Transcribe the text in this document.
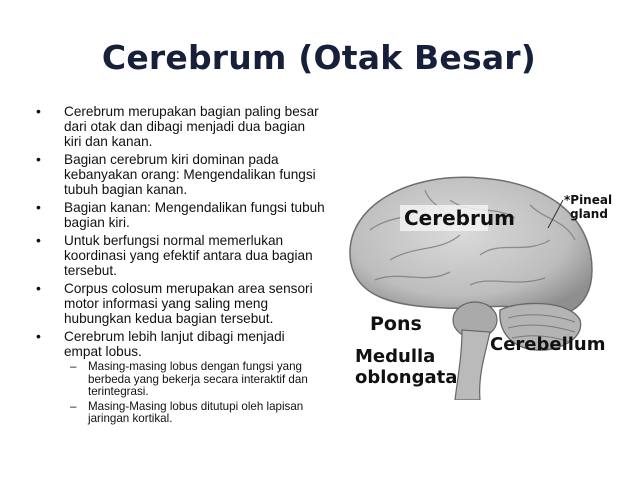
Cerebrum (Otak Besar)
• Cerebrum merupakan bagian paling besar dari otak dan dibagi menjadi dua bagian kiri dan kanan.
• Bagian cerebrum kiri dominan pada kebanyakan orang: Mengendalikan fungsi tubuh bagian kanan.
• Bagian kanan: Mengendalikan fungsi tubuh bagian kiri.
• Untuk berfungsi normal memerlukan koordinasi yang efektif antara dua bagian tersebut.
• Corpus colosum merupakan area sensori motor informasi yang saling meng hubungkan kedua bagian tersebut.
• Cerebrum lebih lanjut dibagi menjadi empat lobus.
– Masing-masing lobus dengan fungsi yang berbeda yang bekerja secara interaktif dan terintegrasi.
– Masing-Masing lobus ditutupi oleh lapisan jaringan kortikal.
Cerebrum
*Pineal
gland
Pons
Medulla
oblongata
Cerebellum
